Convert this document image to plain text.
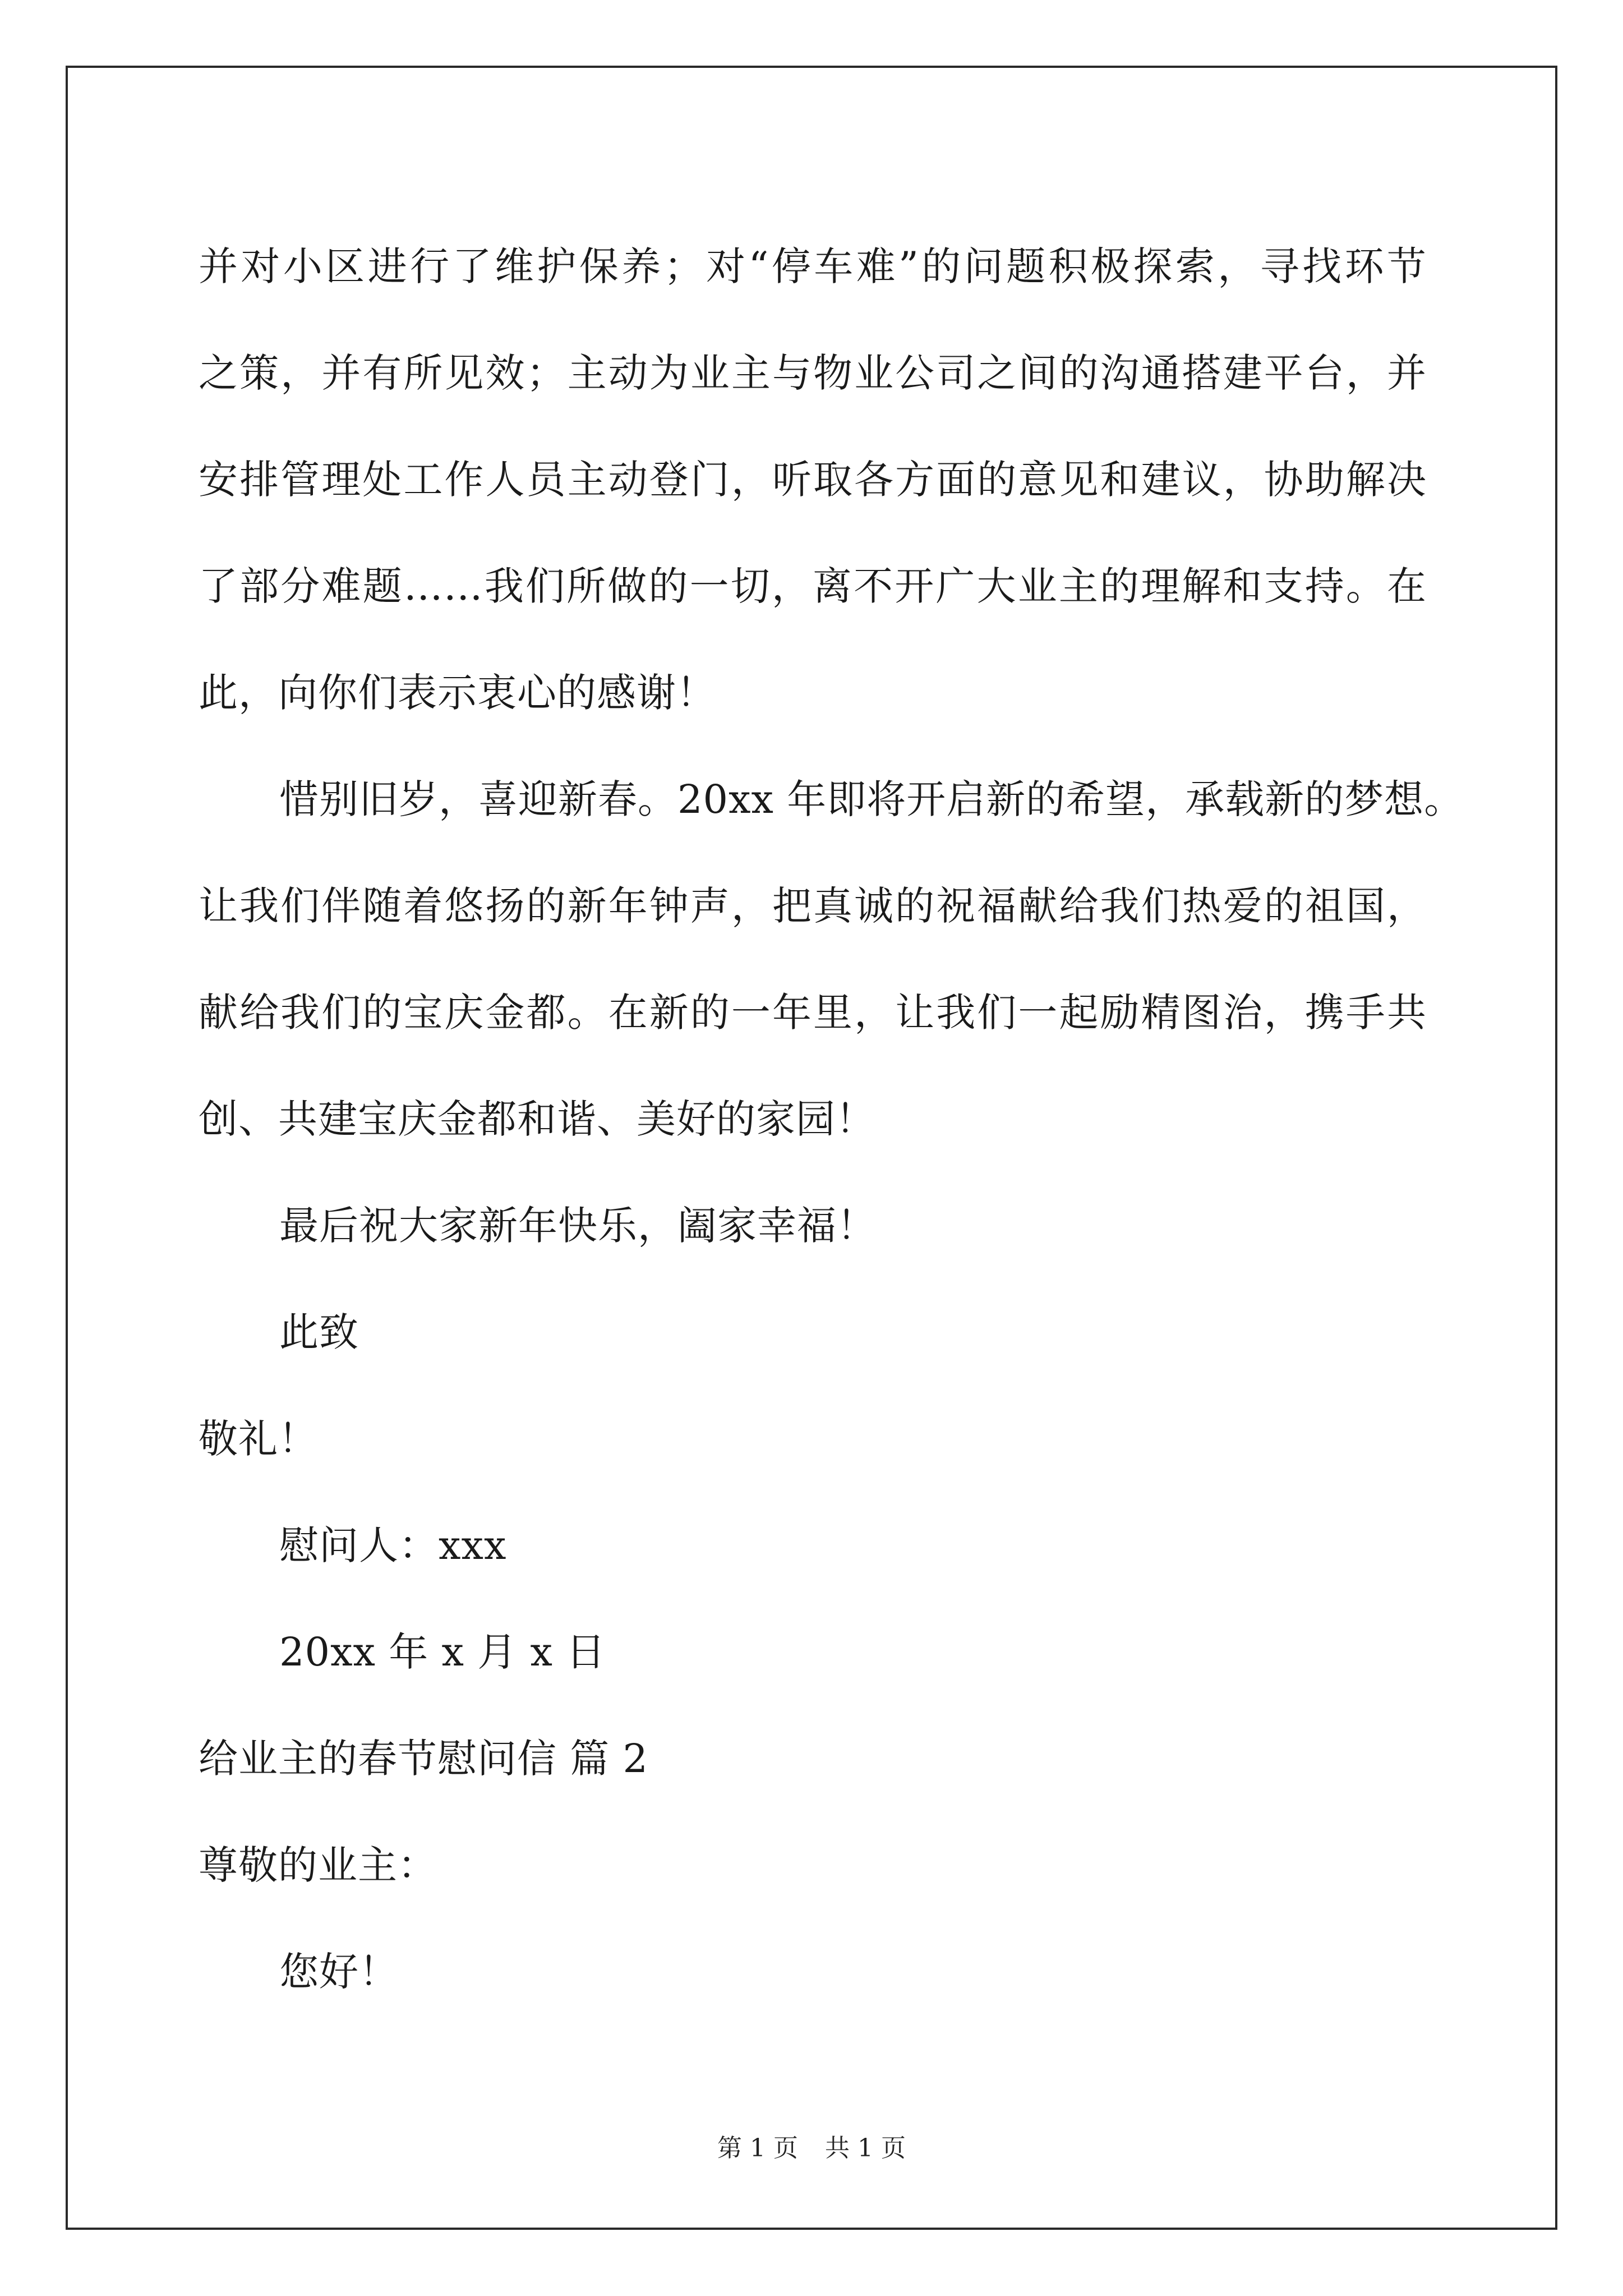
并对小区进行了维护保养；对“停车难”的问题积极探索，寻找环节
之策，并有所见效；主动为业主与物业公司之间的沟通搭建平台，并
安排管理处工作人员主动登门，听取各方面的意见和建议，协助解决
了部分难题……我们所做的一切，离不开广大业主的理解和支持。在
此，向你们表示衷心的感谢！
惜别旧岁，喜迎新春。20xx 年即将开启新的希望，承载新的梦想。
让我们伴随着悠扬的新年钟声，把真诚的祝福献给我们热爱的祖国，
献给我们的宝庆金都。在新的一年里，让我们一起励精图治，携手共
创、共建宝庆金都和谐、美好的家园！
最后祝大家新年快乐，阖家幸福！
此致
敬礼！
慰问人：xxx
20xx 年 x 月 x 日
给业主的春节慰问信 篇 2
尊敬的业主：
您好！
第 1 页 共 1 页
